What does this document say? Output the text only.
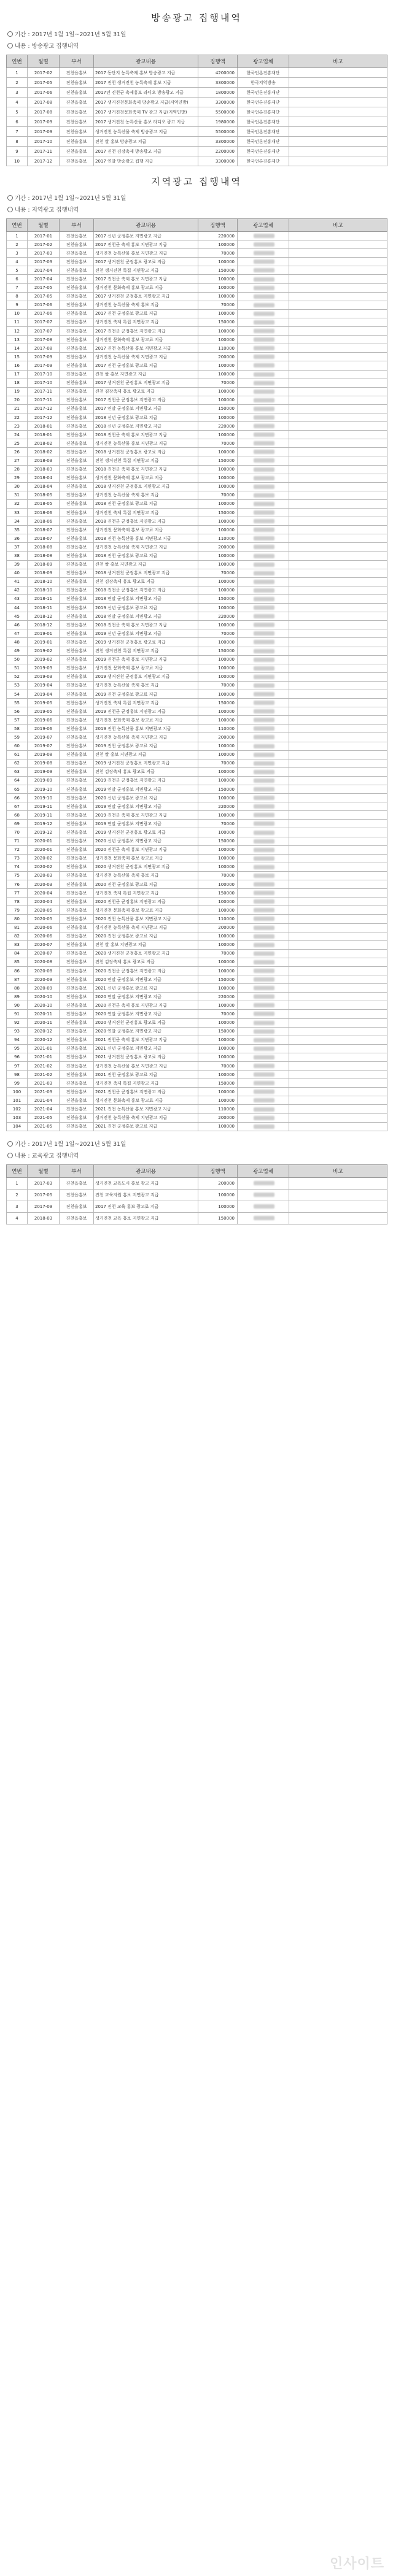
방송광고 집행내역
기간 : 2017년 1월 1일~2021년 5월 31일
내용 : 방송광고 집행내역
연번	월별	부서	광고내용	집행액	광고업체	비고
1	2017-02	진천읍홍보	2017 동단지 농특축제 홍보 방송광고 지급	4200000	한국언론진흥재단	
2	2017-05	진천읍홍보	2017 진천 생거진천 농특축제 홍보 지급	3300000	한국지역방송	
3	2017-06	진천읍홍보	2017년 진천군 축제홍보 라디오 방송광고 지급	1800000	한국언론진흥재단	
4	2017-08	진천읍홍보	2017 생거진천문화축제 방송광고 지급(지역민방)	3300000	한국언론진흥재단	
5	2017-08	진천읍홍보	2017 생거진천문화축제 TV 광고 지급(지역민방)	5500000	한국언론진흥재단	
6	2017-09	진천읍홍보	2017 생거진천 농특산물 홍보 라디오 광고 지급	1980000	한국언론진흥재단	
7	2017-09	진천읍홍보	생거진천 농특산물 축제 방송광고 지급	5500000	한국언론진흥재단	
8	2017-10	진천읍홍보	진천 쌀 홍보 방송광고 지급	3300000	한국언론진흥재단	
9	2017-11	진천읍홍보	2017 진천 김장축제 방송광고 지급	2200000	한국언론진흥재단	
10	2017-12	진천읍홍보	2017 연말 방송광고 집행 지급	3300000	한국언론진흥재단	
지역광고 집행내역
기간 : 2017년 1월 1일~2021년 5월 31일
내용 : 지역광고 집행내역
연번	월별	부서	광고내용	집행액	광고업체	비고
1	2017-01	진천읍홍보	2017 신년 군정홍보 지면광고 지급	220000		
2	2017-02	진천읍홍보	2017 진천군 축제 홍보 지면광고 지급	100000		
3	2017-03	진천읍홍보	생거진천 농특산물 홍보 지면광고 지급	70000		
4	2017-03	진천읍홍보	2017 생거진천 군정홍보 광고료 지급	100000		
5	2017-04	진천읍홍보	진천 생거진천 특집 지면광고 지급	150000		
6	2017-04	진천읍홍보	2017 진천군 축제 홍보 지면광고 지급	100000		
7	2017-05	진천읍홍보	생거진천 문화축제 홍보 광고료 지급	100000		
8	2017-05	진천읍홍보	2017 생거진천 군정홍보 지면광고 지급	100000		
9	2017-06	진천읍홍보	생거진천 농특산물 축제 홍보 지급	70000		
10	2017-06	진천읍홍보	2017 진천 군정홍보 광고료 지급	100000		
11	2017-07	진천읍홍보	생거진천 축제 특집 지면광고 지급	150000		
12	2017-07	진천읍홍보	2017 진천군 군정홍보 지면광고 지급	100000		
13	2017-08	진천읍홍보	생거진천 문화축제 홍보 광고료 지급	100000		
14	2017-08	진천읍홍보	2017 진천 농특산물 홍보 지면광고 지급	110000		
15	2017-09	진천읍홍보	생거진천 농특산물 축제 지면광고 지급	200000		
16	2017-09	진천읍홍보	2017 진천 군정홍보 광고료 지급	100000		
17	2017-10	진천읍홍보	진천 쌀 홍보 지면광고 지급	100000		
18	2017-10	진천읍홍보	2017 생거진천 군정홍보 지면광고 지급	70000		
19	2017-11	진천읍홍보	진천 김장축제 홍보 광고료 지급	100000		
20	2017-11	진천읍홍보	2017 진천군 군정홍보 지면광고 지급	100000		
21	2017-12	진천읍홍보	2017 연말 군정홍보 지면광고 지급	150000		
22	2017-12	진천읍홍보	2018 신년 군정홍보 광고료 지급	100000		
23	2018-01	진천읍홍보	2018 신년 군정홍보 지면광고 지급	220000		
24	2018-01	진천읍홍보	2018 진천군 축제 홍보 지면광고 지급	100000		
25	2018-02	진천읍홍보	생거진천 농특산물 홍보 지면광고 지급	70000		
26	2018-02	진천읍홍보	2018 생거진천 군정홍보 광고료 지급	100000		
27	2018-03	진천읍홍보	진천 생거진천 특집 지면광고 지급	150000		
28	2018-03	진천읍홍보	2018 진천군 축제 홍보 지면광고 지급	100000		
29	2018-04	진천읍홍보	생거진천 문화축제 홍보 광고료 지급	100000		
30	2018-04	진천읍홍보	2018 생거진천 군정홍보 지면광고 지급	100000		
31	2018-05	진천읍홍보	생거진천 농특산물 축제 홍보 지급	70000		
32	2018-05	진천읍홍보	2018 진천 군정홍보 광고료 지급	100000		
33	2018-06	진천읍홍보	생거진천 축제 특집 지면광고 지급	150000		
34	2018-06	진천읍홍보	2018 진천군 군정홍보 지면광고 지급	100000		
35	2018-07	진천읍홍보	생거진천 문화축제 홍보 광고료 지급	100000		
36	2018-07	진천읍홍보	2018 진천 농특산물 홍보 지면광고 지급	110000		
37	2018-08	진천읍홍보	생거진천 농특산물 축제 지면광고 지급	200000		
38	2018-08	진천읍홍보	2018 진천 군정홍보 광고료 지급	100000		
39	2018-09	진천읍홍보	진천 쌀 홍보 지면광고 지급	100000		
40	2018-09	진천읍홍보	2018 생거진천 군정홍보 지면광고 지급	70000		
41	2018-10	진천읍홍보	진천 김장축제 홍보 광고료 지급	100000		
42	2018-10	진천읍홍보	2018 진천군 군정홍보 지면광고 지급	100000		
43	2018-11	진천읍홍보	2018 연말 군정홍보 지면광고 지급	150000		
44	2018-11	진천읍홍보	2019 신년 군정홍보 광고료 지급	100000		
45	2018-12	진천읍홍보	2018 연말 군정홍보 지면광고 지급	220000		
46	2018-12	진천읍홍보	2018 진천군 축제 홍보 지면광고 지급	100000		
47	2019-01	진천읍홍보	2019 신년 군정홍보 지면광고 지급	70000		
48	2019-01	진천읍홍보	2019 생거진천 군정홍보 광고료 지급	100000		
49	2019-02	진천읍홍보	진천 생거진천 특집 지면광고 지급	150000		
50	2019-02	진천읍홍보	2019 진천군 축제 홍보 지면광고 지급	100000		
51	2019-03	진천읍홍보	생거진천 문화축제 홍보 광고료 지급	100000		
52	2019-03	진천읍홍보	2019 생거진천 군정홍보 지면광고 지급	100000		
53	2019-04	진천읍홍보	생거진천 농특산물 축제 홍보 지급	70000		
54	2019-04	진천읍홍보	2019 진천 군정홍보 광고료 지급	100000		
55	2019-05	진천읍홍보	생거진천 축제 특집 지면광고 지급	150000		
56	2019-05	진천읍홍보	2019 진천군 군정홍보 지면광고 지급	100000		
57	2019-06	진천읍홍보	생거진천 문화축제 홍보 광고료 지급	100000		
58	2019-06	진천읍홍보	2019 진천 농특산물 홍보 지면광고 지급	110000		
59	2019-07	진천읍홍보	생거진천 농특산물 축제 지면광고 지급	200000		
60	2019-07	진천읍홍보	2019 진천 군정홍보 광고료 지급	100000		
61	2019-08	진천읍홍보	진천 쌀 홍보 지면광고 지급	100000		
62	2019-08	진천읍홍보	2019 생거진천 군정홍보 지면광고 지급	70000		
63	2019-09	진천읍홍보	진천 김장축제 홍보 광고료 지급	100000		
64	2019-09	진천읍홍보	2019 진천군 군정홍보 지면광고 지급	100000		
65	2019-10	진천읍홍보	2019 연말 군정홍보 지면광고 지급	150000		
66	2019-10	진천읍홍보	2020 신년 군정홍보 광고료 지급	100000		
67	2019-11	진천읍홍보	2019 연말 군정홍보 지면광고 지급	220000		
68	2019-11	진천읍홍보	2019 진천군 축제 홍보 지면광고 지급	100000		
69	2019-12	진천읍홍보	2019 연말 군정홍보 지면광고 지급	70000		
70	2019-12	진천읍홍보	2019 생거진천 군정홍보 광고료 지급	100000		
71	2020-01	진천읍홍보	2020 신년 군정홍보 지면광고 지급	150000		
72	2020-01	진천읍홍보	2020 진천군 축제 홍보 지면광고 지급	100000		
73	2020-02	진천읍홍보	생거진천 문화축제 홍보 광고료 지급	100000		
74	2020-02	진천읍홍보	2020 생거진천 군정홍보 지면광고 지급	100000		
75	2020-03	진천읍홍보	생거진천 농특산물 축제 홍보 지급	70000		
76	2020-03	진천읍홍보	2020 진천 군정홍보 광고료 지급	100000		
77	2020-04	진천읍홍보	생거진천 축제 특집 지면광고 지급	150000		
78	2020-04	진천읍홍보	2020 진천군 군정홍보 지면광고 지급	100000		
79	2020-05	진천읍홍보	생거진천 문화축제 홍보 광고료 지급	100000		
80	2020-05	진천읍홍보	2020 진천 농특산물 홍보 지면광고 지급	110000		
81	2020-06	진천읍홍보	생거진천 농특산물 축제 지면광고 지급	200000		
82	2020-06	진천읍홍보	2020 진천 군정홍보 광고료 지급	100000		
83	2020-07	진천읍홍보	진천 쌀 홍보 지면광고 지급	100000		
84	2020-07	진천읍홍보	2020 생거진천 군정홍보 지면광고 지급	70000		
85	2020-08	진천읍홍보	진천 김장축제 홍보 광고료 지급	100000		
86	2020-08	진천읍홍보	2020 진천군 군정홍보 지면광고 지급	100000		
87	2020-09	진천읍홍보	2020 연말 군정홍보 지면광고 지급	150000		
88	2020-09	진천읍홍보	2021 신년 군정홍보 광고료 지급	100000		
89	2020-10	진천읍홍보	2020 연말 군정홍보 지면광고 지급	220000		
90	2020-10	진천읍홍보	2020 진천군 축제 홍보 지면광고 지급	100000		
91	2020-11	진천읍홍보	2020 연말 군정홍보 지면광고 지급	70000		
92	2020-11	진천읍홍보	2020 생거진천 군정홍보 광고료 지급	100000		
93	2020-12	진천읍홍보	2020 연말 군정홍보 지면광고 지급	150000		
94	2020-12	진천읍홍보	2021 진천군 축제 홍보 지면광고 지급	100000		
95	2021-01	진천읍홍보	2021 신년 군정홍보 지면광고 지급	100000		
96	2021-01	진천읍홍보	2021 생거진천 군정홍보 광고료 지급	100000		
97	2021-02	진천읍홍보	생거진천 농특산물 홍보 지면광고 지급	70000		
98	2021-02	진천읍홍보	2021 진천 군정홍보 광고료 지급	100000		
99	2021-03	진천읍홍보	생거진천 축제 특집 지면광고 지급	150000		
100	2021-03	진천읍홍보	2021 진천군 군정홍보 지면광고 지급	100000		
101	2021-04	진천읍홍보	생거진천 문화축제 홍보 광고료 지급	100000		
102	2021-04	진천읍홍보	2021 진천 농특산물 홍보 지면광고 지급	110000		
103	2021-05	진천읍홍보	생거진천 농특산물 축제 지면광고 지급	200000		
104	2021-05	진천읍홍보	2021 진천 군정홍보 광고료 지급	100000		
기간 : 2017년 1월 1일~2021년 5월 31일
내용 : 교육광고 집행내역
연번	월별	부서	광고내용	집행액	광고업체	비고
1	2017-03	진천읍홍보	생거진천 교육도시 홍보 광고 지급	200000		
2	2017-05	진천읍홍보	진천 교육지원 홍보 지면광고 지급	100000		
3	2017-09	진천읍홍보	2017 진천 교육 홍보 광고료 지급	100000		
4	2018-03	진천읍홍보	생거진천 교육 홍보 지면광고 지급	150000		
인사이트
